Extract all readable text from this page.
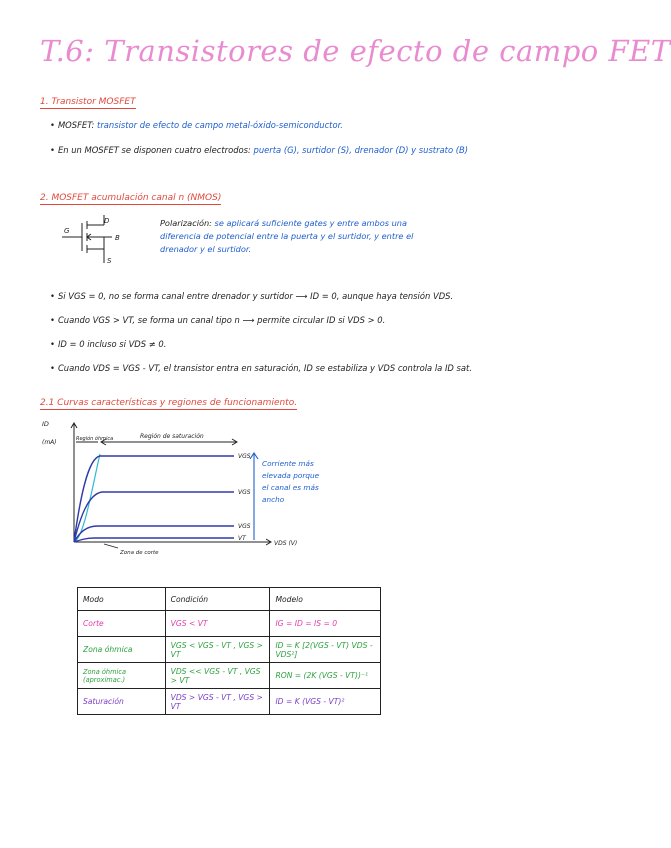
T.6: Transistores de efecto de campo FET
1. Transistor MOSFET
• MOSFET: transistor de efecto de campo metal-óxido-semiconductor.
• En un MOSFET se disponen cuatro electrodos: puerta (G), surtidor (S), drenador (D) y sustrato (B)
2. MOSFET acumulación canal n (NMOS)
D
G
B
S
Polarización: se aplicará suficiente gates y entre ambos una diferencia de potencial entre la puerta y el surtidor, y entre el drenador y el surtidor.
• Si VGS = 0, no se forma canal entre drenador y surtidor ⟶ ID = 0, aunque haya tensión VDS.
• Cuando VGS > VT, se forma un canal tipo n ⟶ permite circular ID si VDS > 0.
• ID = 0 incluso si VDS ≠ 0.
• Cuando VDS = VGS - VT, el transistor entra en saturación, ID se estabiliza y VDS controla la ID sat.
2.1 Curvas características y regiones de funcionamiento.
ID
(mA)	Región óhmica	Región de saturación
VGS
VGS
VGS
VT
VDS (V)
Zona de corte
Corriente más elevada porque el canal es más ancho
Modo	Condición	Modelo
Corte	VGS < VT	IG = ID = IS = 0
Zona óhmica	VGS < VGS - VT , VGS > VT	ID = K [2(VGS - VT) VDS - VDS²]
Zona óhmica (aproximac.)	VDS << VGS - VT , VGS > VT	RON = (2K (VGS - VT))⁻¹
Saturación	VDS > VGS - VT , VGS > VT	ID = K (VGS - VT)²
